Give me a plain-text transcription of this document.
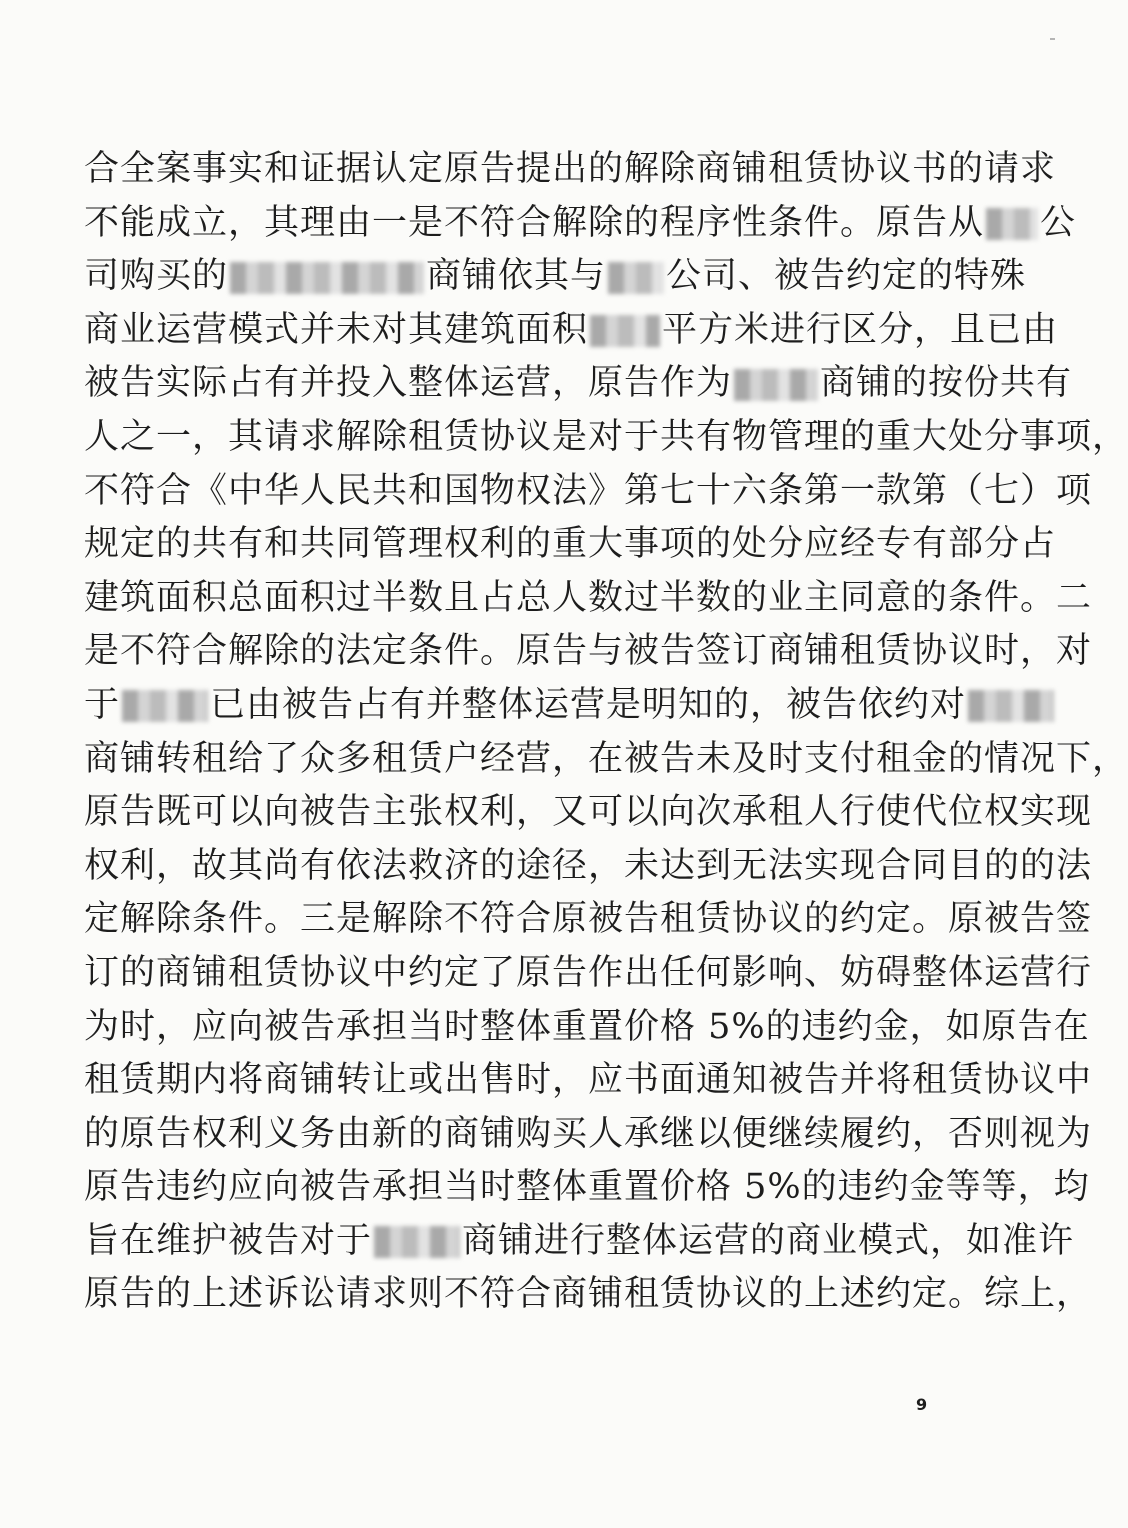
合全案事实和证据认定原告提出的解除商铺租赁协议书的请求
不能成立，其理由一是不符合解除的程序性条件。原告从 公
司购买的	商铺依其与 公司、被告约定的特殊
商业运营模式并未对其建筑面积 平方米进行区分，且已由
被告实际占有并投入整体运营，原告作为	商铺的按份共有
人之一，其请求解除租赁协议是对于共有物管理的重大处分事项，
不符合《中华人民共和国物权法》第七十六条第一款第（七）项
规定的共有和共同管理权利的重大事项的处分应经专有部分占
建筑面积总面积过半数且占总人数过半数的业主同意的条件。二
是不符合解除的法定条件。原告与被告签订商铺租赁协议时，对
于	已由被告占有并整体运营是明知的，被告依约对
商铺转租给了众多租赁户经营，在被告未及时支付租金的情况下，
原告既可以向被告主张权利，又可以向次承租人行使代位权实现
权利，故其尚有依法救济的途径，未达到无法实现合同目的的法
定解除条件。三是解除不符合原被告租赁协议的约定。原被告签
订的商铺租赁协议中约定了原告作出任何影响、妨碍整体运营行
为时，应向被告承担当时整体重置价格 5%的违约金，如原告在
租赁期内将商铺转让或出售时，应书面通知被告并将租赁协议中
的原告权利义务由新的商铺购买人承继以便继续履约，否则视为
原告违约应向被告承担当时整体重置价格 5%的违约金等等，均
旨在维护被告对于	商铺进行整体运营的商业模式，如准许
原告的上述诉讼请求则不符合商铺租赁协议的上述约定。综上，
9
